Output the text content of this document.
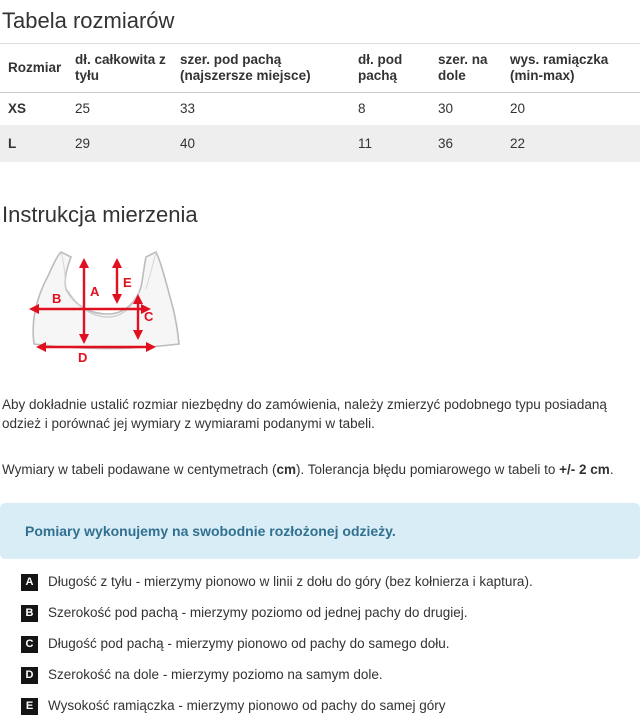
Tabela rozmiarów
Rozmiar	dł. całkowita z tyłu	szer. pod pachą (najszersze miejsce)	dł. pod pachą	szer. na dole	wys. ramiączka (min-max)
XS	25	33	8	30	20
L	29	40	11	36	22
Instrukcja mierzenia
A
B
C
D
E

Aby dokładnie ustalić rozmiar niezbędny do zamówienia, należy zmierzyć podobnego typu posiadaną odzież i porównać jej wymiary z wymiarami podanymi w tabeli.

Wymiary w tabeli podawane w centymetrach (cm). Tolerancja błędu pomiarowego w tabeli to +/- 2 cm.

Pomiary wykonujemy na swobodnie rozłożonej odzieży.
A	Długość z tyłu - mierzymy pionowo w linii z dołu do góry (bez kołnierza i kaptura).
B	Szerokość pod pachą - mierzymy poziomo od jednej pachy do drugiej.
C	Długość pod pachą - mierzymy pionowo od pachy do samego dołu.
D	Szerokość na dole - mierzymy poziomo na samym dole.
E	Wysokość ramiączka - mierzymy pionowo od pachy do samej góry
